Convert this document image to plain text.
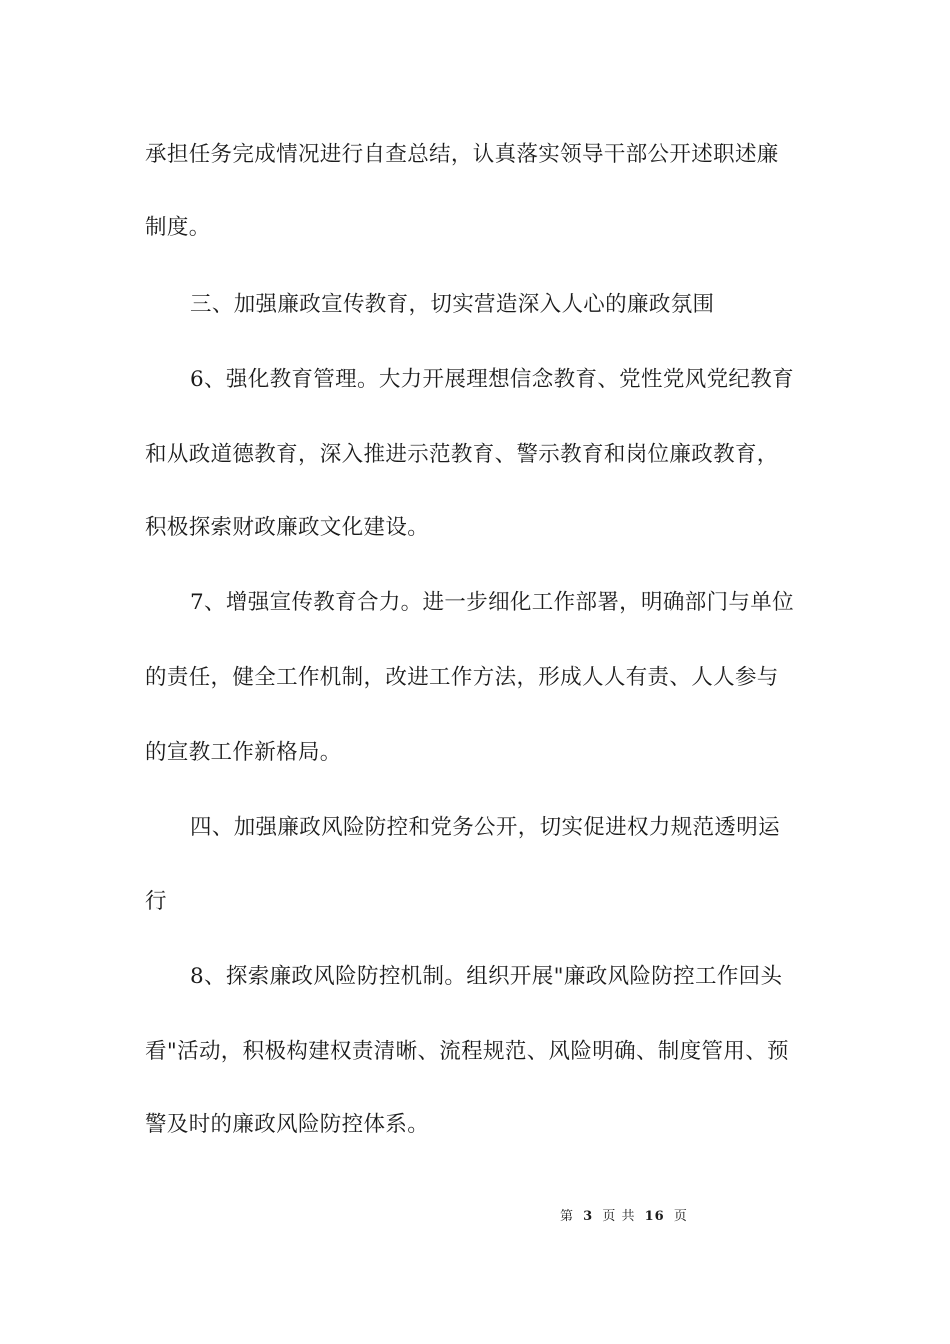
承担任务完成情况进行自查总结，认真落实领导干部公开述职述廉
制度。
三、加强廉政宣传教育，切实营造深入人心的廉政氛围
6、强化教育管理。大力开展理想信念教育、党性党风党纪教育
和从政道德教育，深入推进示范教育、警示教育和岗位廉政教育，
积极探索财政廉政文化建设。
7、增强宣传教育合力。进一步细化工作部署，明确部门与单位
的责任，健全工作机制，改进工作方法，形成人人有责、人人参与
的宣教工作新格局。
四、加强廉政风险防控和党务公开，切实促进权力规范透明运
行
8、探索廉政风险防控机制。组织开展"廉政风险防控工作回头
看"活动，积极构建权责清晰、流程规范、风险明确、制度管用、预
警及时的廉政风险防控体系。
第 3 页 共 16 页
